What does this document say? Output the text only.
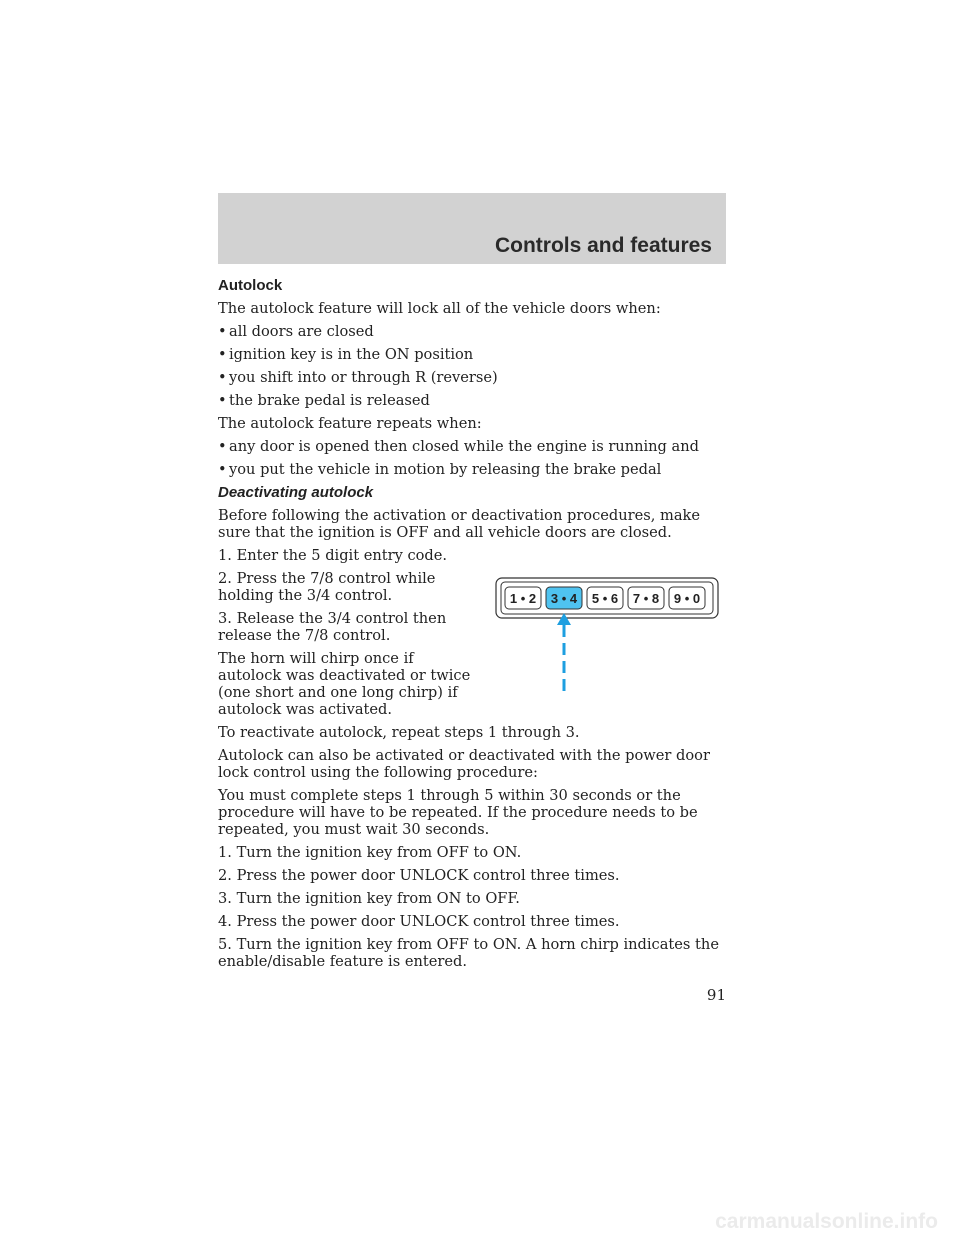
Controls and features
Autolock

The autolock feature will lock all of the vehicle doors when:

• all doors are closed
• ignition key is in the ON position
• you shift into or through R (reverse)
• the brake pedal is released

The autolock feature repeats when:

• any door is opened then closed while the engine is running and
• you put the vehicle in motion by releasing the brake pedal
Deactivating autolock

Before following the activation or deactivation procedures, make sure that the ignition is OFF and all vehicle doors are closed.

1. Enter the 5 digit entry code.

2. Press the 7/8 control while holding the 3/4 control.

3. Release the 3/4 control then release the 7/8 control.

The horn will chirp once if autolock was deactivated or twice (one short and one long chirp) if autolock was activated.

To reactivate autolock, repeat steps 1 through 3.

Autolock can also be activated or deactivated with the power door lock control using the following procedure:

You must complete steps 1 through 5 within 30 seconds or the procedure will have to be repeated. If the procedure needs to be repeated, you must wait 30 seconds.

1. Turn the ignition key from OFF to ON.

2. Press the power door UNLOCK control three times.

3. Turn the ignition key from ON to OFF.

4. Press the power door UNLOCK control three times.

5. Turn the ignition key from OFF to ON. A horn chirp indicates the enable/disable feature is entered.

1 • 2 3 • 4 5 • 6 7 • 8 9 • 0
91
carmanualsonline.info
